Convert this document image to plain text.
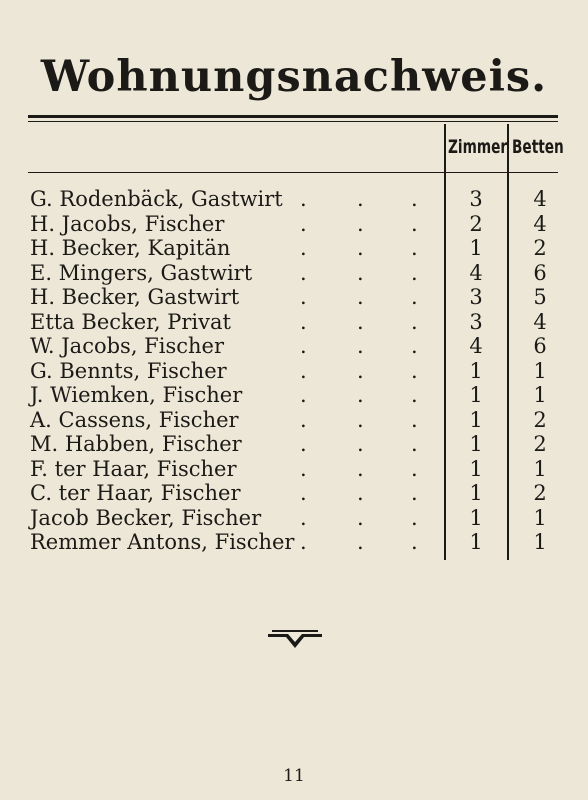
Wohnungsnachweis.
Zimmer Betten
G. Rodenbäck, Gastwirt . . .	3	4
H. Jacobs, Fischer	. . .	2	4
H. Becker, Kapitän	. . .	1	2
E. Mingers, Gastwirt . . .	4	6
H. Becker, Gastwirt	. . .	3	5
Etta Becker, Privat	. . .	3	4
W. Jacobs, Fischer	. . .	4	6
G. Bennts, Fischer	. . .	1	1
J. Wiemken, Fischer	. . .	1	1
A. Cassens, Fischer	. . .	1	2
M. Habben, Fischer	. . .	1	2
F. ter Haar, Fischer	. . .	1	1
C. ter Haar, Fischer	. . .	1	2
Jacob Becker, Fischer . . .	1	1
Remmer Antons, Fischer . . .	1	1
11
